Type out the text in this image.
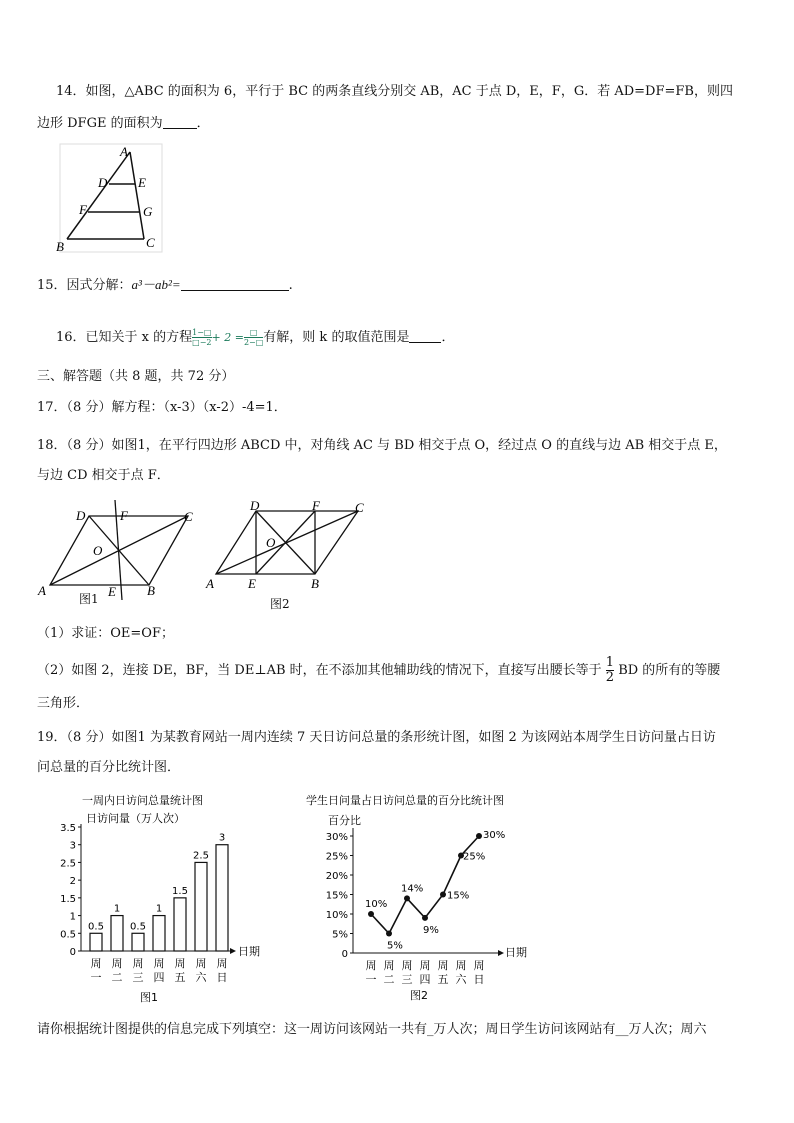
14．如图，△ABC 的面积为 6，平行于 BC 的两条直线分别交 AB，AC 于点 D，E，F，G．若 AD=DF=FB，则四
边形 DFGE 的面积为	．
A
D E
F	G
B	C
15．因式分解：a³－ab²=	.
16．已知关于 x 的方程 $\frac{1-□}{□-2} + 2 = \frac{□}{2-□}$ 有解，则 k 的取值范围是 ．
三、解答题（共 8 题，共 72 分）
17．（8 分）解方程：（x-3）（x-2）-4=1．
18．（8 分）如图1，在平行四边形 ABCD 中，对角线 AC 与 BD 相交于点 O，经过点 O 的直线与边 AB 相交于点 E，
与边 CD 相交于点 F．
A	B
C
D
E
F
O
图1
A	B
C
D
E
F
O
图2
（1）求证：OE=OF；
（2）如图 2，连接 DE，BF，当 DE⊥AB 时，在不添加其他辅助线的情况下，直接写出腰长等于 $\frac{1}{2}$ BD 的所有的等腰
三角形．
19．（8 分）如图1 为某教育网站一周内连续 7 天日访问总量的条形统计图，如图 2 为该网站本周学生日访问量占日访
问总量的百分比统计图．
一周内日访问总量统计图
日访问量（万人次）
日期
图1
0
0.5
1
1.5
2
2.5
3
3.5
0.5
周
一
1
周
二
0.5
周
三
1
周
四
1.5
周
五
2.5
周
六
3
周
日
学生日问量占日访问总量的百分比统计图
百分比
日期
图2
0
5%
10%
15%
20%
25%
30%
10%
周
一
5%
周
二
14%
周
三
9%
周
四
15%
周
五
25%
周
六
30%
周
日
请你根据统计图提供的信息完成下列填空：这一周访问该网站一共有_万人次；周日学生访问该网站有__万人次；周六
